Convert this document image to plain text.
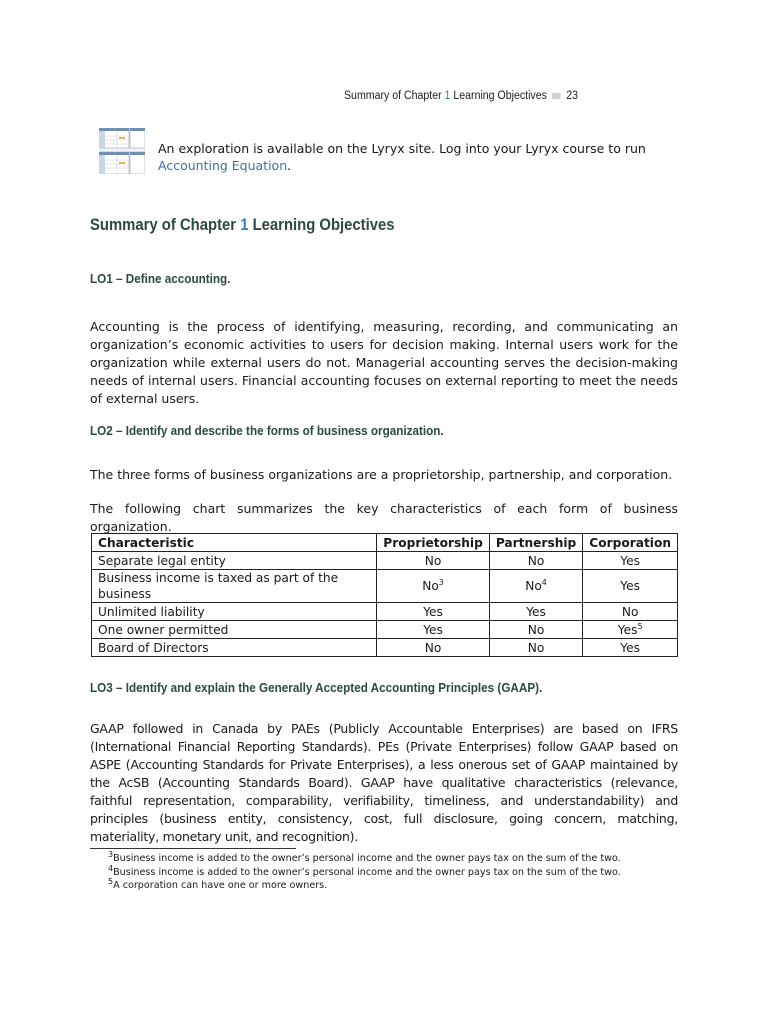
Summary of Chapter 1 Learning Objectives 23
An exploration is available on the Lyryx site. Log into your Lyryx course to run Accounting Equation.
Summary of Chapter 1 Learning Objectives
LO1 – Define accounting.

Accounting is the process of identifying, measuring, recording, and communicating an organization’s economic activities to users for decision making. Internal users work for the organization while external users do not. Managerial accounting serves the decision-making needs of internal users. Financial accounting focuses on external reporting to meet the needs of external users.

LO2 – Identify and describe the forms of business organization.

The three forms of business organizations are a proprietorship, partnership, and corporation.

The following chart summarizes the key characteristics of each form of business organization.

Characteristic	Proprietorship	Partnership	Corporation
Separate legal entity	No	No	Yes
Business income is taxed as part of the business	No$^3$	No$^4$	Yes
Unlimited liability	Yes	Yes	No
One owner permitted	Yes	No	Yes$^5$
Board of Directors	No	No	Yes
LO3 – Identify and explain the Generally Accepted Accounting Principles (GAAP).

GAAP followed in Canada by PAEs (Publicly Accountable Enterprises) are based on IFRS (International Financial Reporting Standards). PEs (Private Enterprises) follow GAAP based on ASPE (Accounting Standards for Private Enterprises), a less onerous set of GAAP maintained by the AcSB (Accounting Standards Board). GAAP have qualitative characteristics (relevance, faithful representation, comparability, verifiability, timeliness, and understandability) and principles (business entity, consistency, cost, full disclosure, going concern, matching, materiality, monetary unit, and recognition).

$^3$Business income is added to the owner’s personal income and the owner pays tax on the sum of the two.
$^4$Business income is added to the owner’s personal income and the owner pays tax on the sum of the two.
$^5$A corporation can have one or more owners.
